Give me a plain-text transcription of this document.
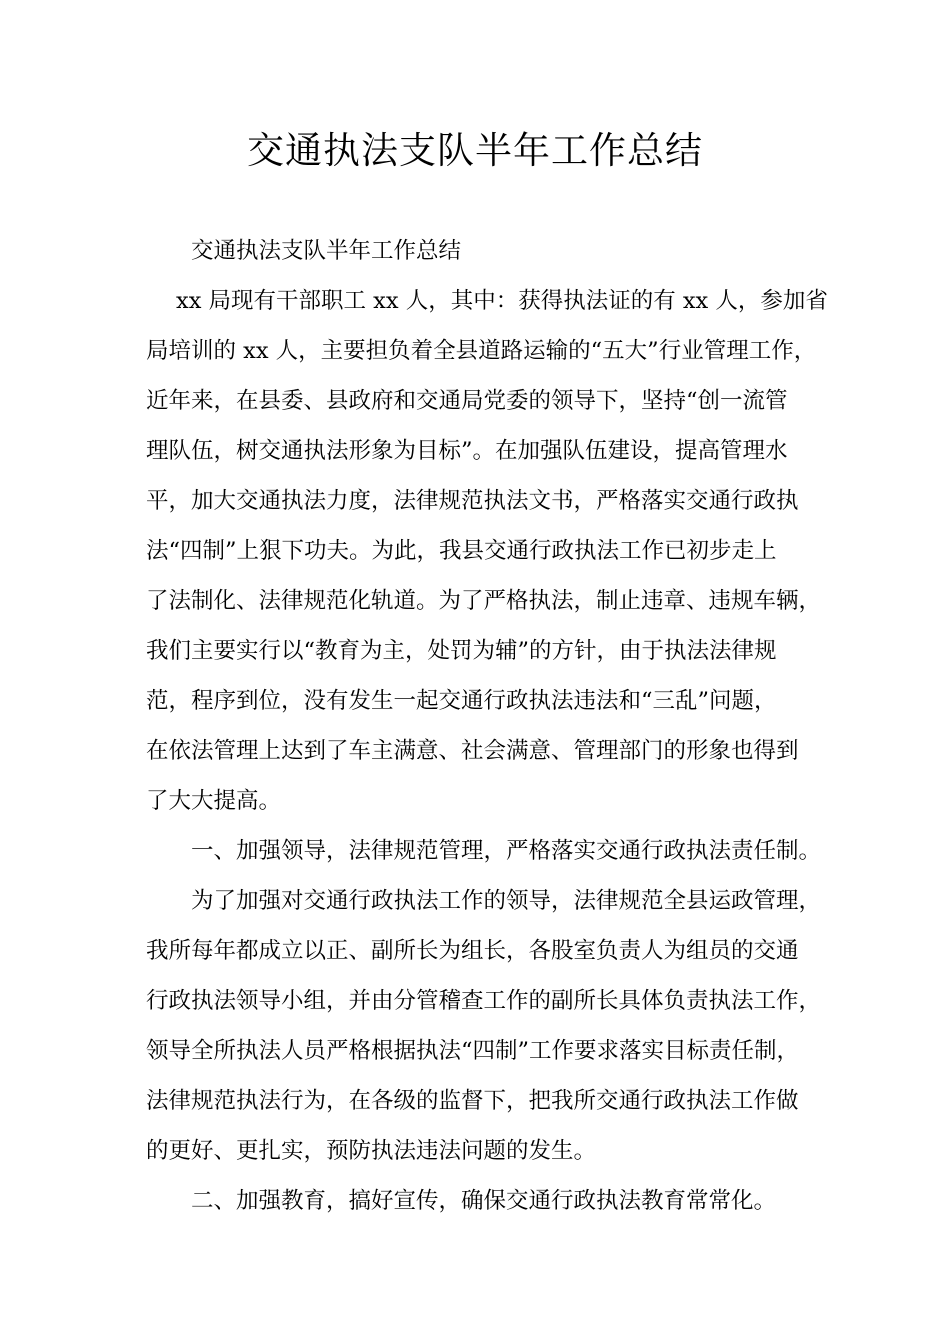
交通执法支队半年工作总结

交通执法支队半年工作总结

xx 局现有干部职工 xx 人，其中：获得执法证的有 xx 人，参加省

局培训的 xx 人，主要担负着全县道路运输的“五大”行业管理工作，

近年来，在县委、县政府和交通局党委的领导下，坚持“创一流管

理队伍，树交通执法形象为目标”。在加强队伍建设，提高管理水

平，加大交通执法力度，法律规范执法文书，严格落实交通行政执

法“四制”上狠下功夫。为此，我县交通行政执法工作已初步走上

了法制化、法律规范化轨道。为了严格执法，制止违章、违规车辆，

我们主要实行以“教育为主，处罚为辅”的方针，由于执法法律规

范，程序到位，没有发生一起交通行政执法违法和“三乱”问题，

在依法管理上达到了车主满意、社会满意、管理部门的形象也得到

了大大提高。

一、加强领导，法律规范管理，严格落实交通行政执法责任制。

为了加强对交通行政执法工作的领导，法律规范全县运政管理，

我所每年都成立以正、副所长为组长，各股室负责人为组员的交通

行政执法领导小组，并由分管稽查工作的副所长具体负责执法工作，

领导全所执法人员严格根据执法“四制”工作要求落实目标责任制，

法律规范执法行为，在各级的监督下，把我所交通行政执法工作做

的更好、更扎实，预防执法违法问题的发生。

二、加强教育，搞好宣传，确保交通行政执法教育常常化。
